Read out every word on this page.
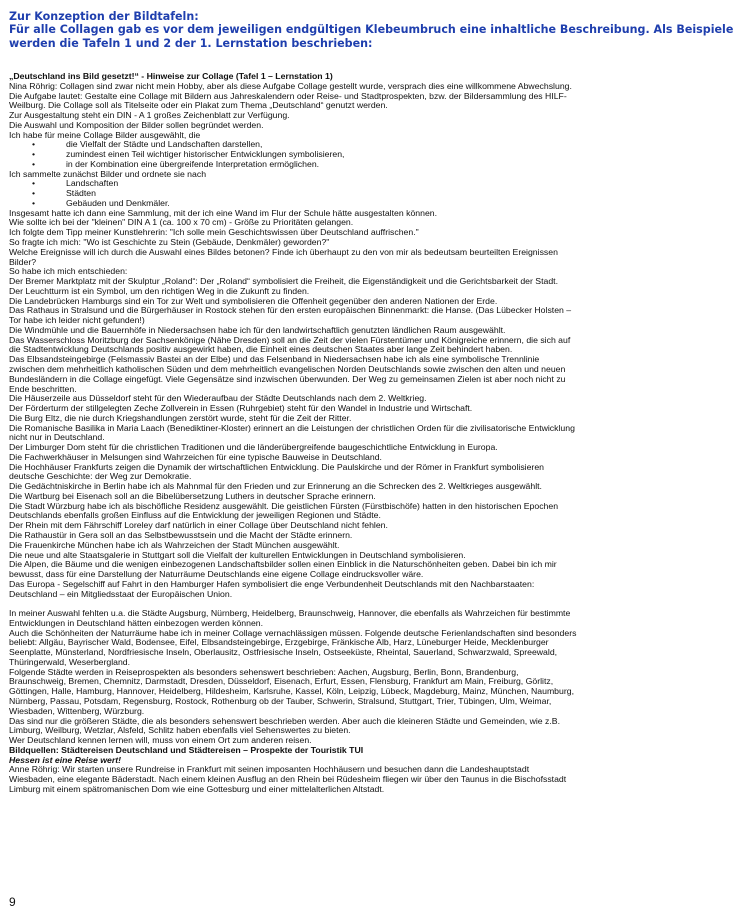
Zur Konzeption der Bildtafeln:
Für alle Collagen gab es vor dem jeweiligen endgültigen Klebeumbruch eine inhaltliche Beschreibung. Als Beispiele
werden die Tafeln 1 und 2 der 1. Lernstation beschrieben:
„Deutschland ins Bild gesetzt!“ - Hinweise zur Collage (Tafel 1 – Lernstation 1)
Nina Röhrig: Collagen sind zwar nicht mein Hobby, aber als diese Aufgabe Collage gestellt wurde, versprach dies eine willkommene Abwechslung.
Die Aufgabe lautet: Gestalte eine Collage mit Bildern aus Jahreskalendern oder Reise- und Stadtprospekten, bzw. der Bildersammlung des HILF-
Weilburg. Die Collage soll als Titelseite oder ein Plakat zum Thema „Deutschland“ genutzt werden.
Zur Ausgestaltung steht ein DIN - A 1 großes Zeichenblatt zur Verfügung.
Die Auswahl und Komposition der Bilder sollen begründet werden.
Ich habe für meine Collage Bilder ausgewählt, die
•	die Vielfalt der Städte und Landschaften darstellen,
•	zumindest einen Teil wichtiger historischer Entwicklungen symbolisieren,
•	in der Kombination eine übergreifende Interpretation ermöglichen.
Ich sammelte zunächst Bilder und ordnete sie nach
•	Landschaften
•	Städten
•	Gebäuden und Denkmäler.
Insgesamt hatte ich dann eine Sammlung, mit der ich eine Wand im Flur der Schule hätte ausgestalten können.
Wie sollte ich bei der "kleinen" DIN A 1 (ca. 100 x 70 cm) - Größe zu Prioritäten gelangen.
Ich folgte dem Tipp meiner Kunstlehrerin: "Ich solle mein Geschichtswissen über Deutschland auffrischen."
So fragte ich mich: "Wo ist Geschichte zu Stein (Gebäude, Denkmäler) geworden?"
Welche Ereignisse will ich durch die Auswahl eines Bildes betonen? Finde ich überhaupt zu den von mir als bedeutsam beurteilten Ereignissen
Bilder?
So habe ich mich entschieden:
Der Bremer Marktplatz mit der Skulptur „Roland“: Der „Roland“ symbolisiert die Freiheit, die Eigenständigkeit und die Gerichtsbarkeit der Stadt.
Der Leuchtturm ist ein Symbol, um den richtigen Weg in die Zukunft zu finden.
Die Landebrücken Hamburgs sind ein Tor zur Welt und symbolisieren die Offenheit gegenüber den anderen Nationen der Erde.
Das Rathaus in Stralsund und die Bürgerhäuser in Rostock stehen für den ersten europäischen Binnenmarkt: die Hanse. (Das Lübecker Holsten –
Tor habe ich leider nicht gefunden!)
Die Windmühle und die Bauernhöfe in Niedersachsen habe ich für den landwirtschaftlich genutzten ländlichen Raum ausgewählt.
Das Wasserschloss Moritzburg der Sachsenkönige (Nähe Dresden) soll an die Zeit der vielen Fürstentümer und Königreiche erinnern, die sich auf
die Stadtentwicklung Deutschlands positiv ausgewirkt haben, die Einheit eines deutschen Staates aber lange Zeit behindert haben.
Das Elbsandsteingebirge (Felsmassiv Bastei an der Elbe) und das Felsenband in Niedersachsen habe ich als eine symbolische Trennlinie
zwischen dem mehrheitlich katholischen Süden und dem mehrheitlich evangelischen Norden Deutschlands sowie zwischen den alten und neuen
Bundesländern in die Collage eingefügt. Viele Gegensätze sind inzwischen überwunden. Der Weg zu gemeinsamen Zielen ist aber noch nicht zu
Ende beschritten.
Die Häuserzeile aus Düsseldorf steht für den Wiederaufbau der Städte Deutschlands nach dem 2. Weltkrieg.
Der Förderturm der stillgelegten Zeche Zollverein in Essen (Ruhrgebiet) steht für den Wandel in Industrie und Wirtschaft.
Die Burg Eltz, die nie durch Kriegshandlungen zerstört wurde, steht für die Zeit der Ritter.
Die Romanische Basilika in Maria Laach (Benediktiner-Kloster) erinnert an die Leistungen der christlichen Orden für die zivilisatorische Entwicklung
nicht nur in Deutschland.
Der Limburger Dom steht für die christlichen Traditionen und die länderübergreifende baugeschichtliche Entwicklung in Europa.
Die Fachwerkhäuser in Melsungen sind Wahrzeichen für eine typische Bauweise in Deutschland.
Die Hochhäuser Frankfurts zeigen die Dynamik der wirtschaftlichen Entwicklung. Die Paulskirche und der Römer in Frankfurt symbolisieren
deutsche Geschichte: der Weg zur Demokratie.
Die Gedächtniskirche in Berlin habe ich als Mahnmal für den Frieden und zur Erinnerung an die Schrecken des 2. Weltkrieges ausgewählt.
Die Wartburg bei Eisenach soll an die Bibelübersetzung Luthers in deutscher Sprache erinnern.
Die Stadt Würzburg habe ich als bischöfliche Residenz ausgewählt. Die geistlichen Fürsten (Fürstbischöfe) hatten in den historischen Epochen
Deutschlands ebenfalls großen Einfluss auf die Entwicklung der jeweiligen Regionen und Städte.
Der Rhein mit dem Fährschiff Loreley darf natürlich in einer Collage über Deutschland nicht fehlen.
Die Rathaustür in Gera soll an das Selbstbewusstsein und die Macht der Städte erinnern.
Die Frauenkirche München habe ich als Wahrzeichen der Stadt München ausgewählt.
Die neue und alte Staatsgalerie in Stuttgart soll die Vielfalt der kulturellen Entwicklungen in Deutschland symbolisieren.
Die Alpen, die Bäume und die wenigen einbezogenen Landschaftsbilder sollen einen Einblick in die Naturschönheiten geben. Dabei bin ich mir
bewusst, dass für eine Darstellung der Naturräume Deutschlands eine eigene Collage eindrucksvoller wäre.
Das Europa - Segelschiff auf Fahrt in den Hamburger Hafen symbolisiert die enge Verbundenheit Deutschlands mit den Nachbarstaaten:
Deutschland – ein Mitgliedsstaat der Europäischen Union.
In meiner Auswahl fehlten u.a. die Städte Augsburg, Nürnberg, Heidelberg, Braunschweig, Hannover, die ebenfalls als Wahrzeichen für bestimmte
Entwicklungen in Deutschland hätten einbezogen werden können.
Auch die Schönheiten der Naturräume habe ich in meiner Collage vernachlässigen müssen. Folgende deutsche Ferienlandschaften sind besonders
beliebt: Allgäu, Bayrischer Wald, Bodensee, Eifel, Elbsandsteingebirge, Erzgebirge, Fränkische Alb, Harz, Lüneburger Heide, Mecklenburger
Seenplatte, Münsterland, Nordfriesische Inseln, Oberlausitz, Ostfriesische Inseln, Ostseeküste, Rheintal, Sauerland, Schwarzwald, Spreewald,
Thüringerwald, Weserbergland.
Folgende Städte werden in Reiseprospekten als besonders sehenswert beschrieben: Aachen, Augsburg, Berlin, Bonn, Brandenburg,
Braunschweig, Bremen, Chemnitz, Darmstadt, Dresden, Düsseldorf, Eisenach, Erfurt, Essen, Flensburg, Frankfurt am Main, Freiburg, Görlitz,
Göttingen, Halle, Hamburg, Hannover, Heidelberg, Hildesheim, Karlsruhe, Kassel, Köln, Leipzig, Lübeck, Magdeburg, Mainz, München, Naumburg,
Nürnberg, Passau, Potsdam, Regensburg, Rostock, Rothenburg ob der Tauber, Schwerin, Stralsund, Stuttgart, Trier, Tübingen, Ulm, Weimar,
Wiesbaden, Wittenberg, Würzburg.
Das sind nur die größeren Städte, die als besonders sehenswert beschrieben werden. Aber auch die kleineren Städte und Gemeinden, wie z.B.
Limburg, Weilburg, Wetzlar, Alsfeld, Schlitz haben ebenfalls viel Sehenswertes zu bieten.
Wer Deutschland kennen lernen will, muss von einem Ort zum anderen reisen.
Bildquellen: Städtereisen Deutschland und Städtereisen – Prospekte der Touristik TUI
Hessen ist eine Reise wert!
Anne Röhrig: Wir starten unsere Rundreise in Frankfurt mit seinen imposanten Hochhäusern und besuchen dann die Landeshauptstadt
Wiesbaden, eine elegante Bäderstadt. Nach einem kleinen Ausflug an den Rhein bei Rüdesheim fliegen wir über den Taunus in die Bischofsstadt
Limburg mit einem spätromanischen Dom wie eine Gottesburg und einer mittelalterlichen Altstadt.
9
